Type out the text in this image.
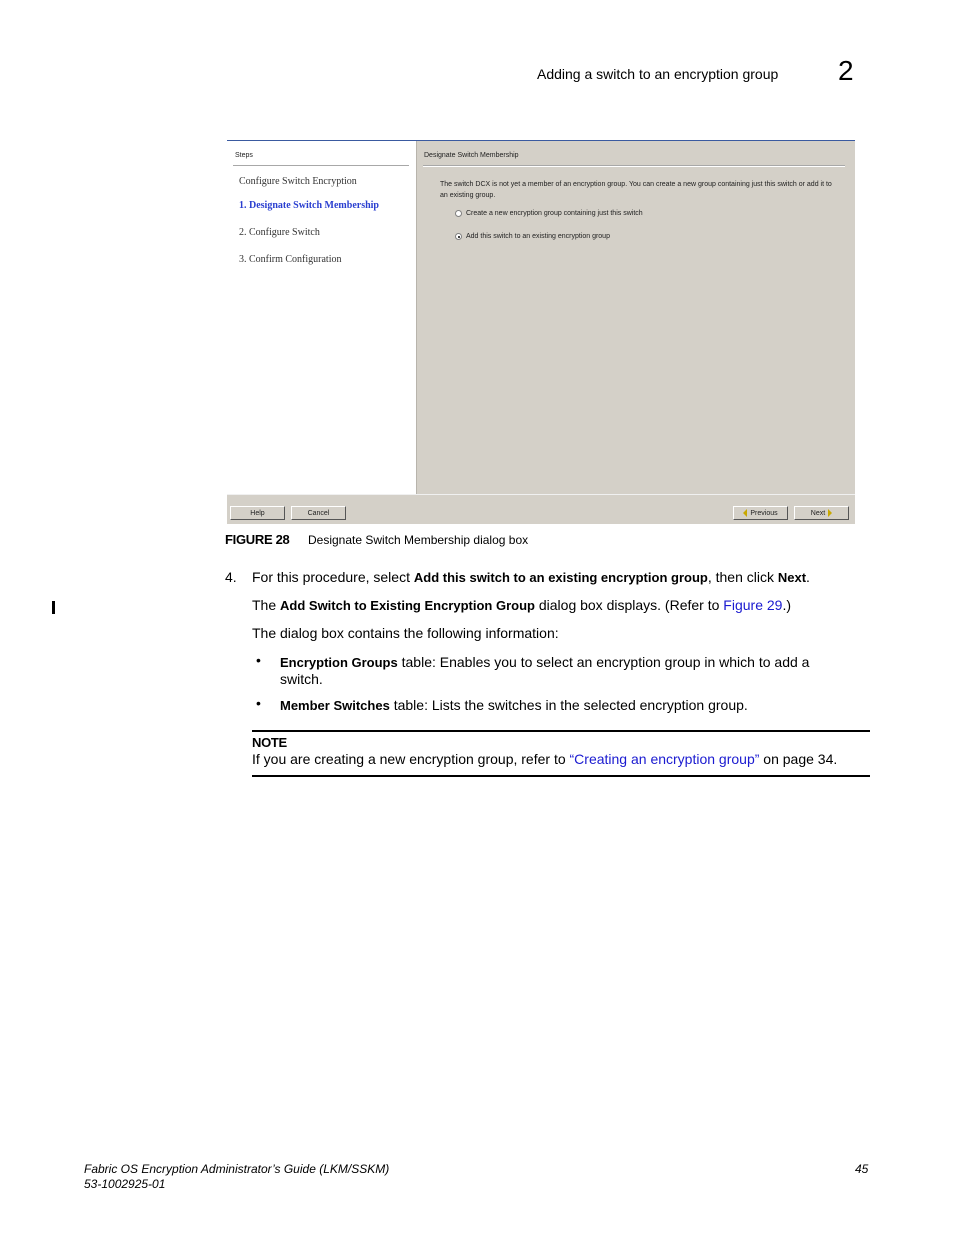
Adding a switch to an encryption group 2
Steps
Configure Switch Encryption
1. Designate Switch Membership
2. Configure Switch
3. Confirm Configuration
Designate Switch Membership
The switch DCX is not yet a member of an encryption group. You can create a new group containing just this switch or add it to an existing group.
Create a new encryption group containing just this switch
Add this switch to an existing encryption group
Help	Cancel	Previous	Next
FIGURE 28 Designate Switch Membership dialog box
4. For this procedure, select Add this switch to an existing encryption group, then click Next.
The Add Switch to Existing Encryption Group dialog box displays. (Refer to Figure 29.)
The dialog box contains the following information:
• Encryption Groups table: Enables you to select an encryption group in which to add a switch.
• Member Switches table: Lists the switches in the selected encryption group.
NOTE
If you are creating a new encryption group, refer to “Creating an encryption group” on page 34.
Fabric OS Encryption Administrator’s Guide (LKM/SSKM)
53-1002925-01
45
